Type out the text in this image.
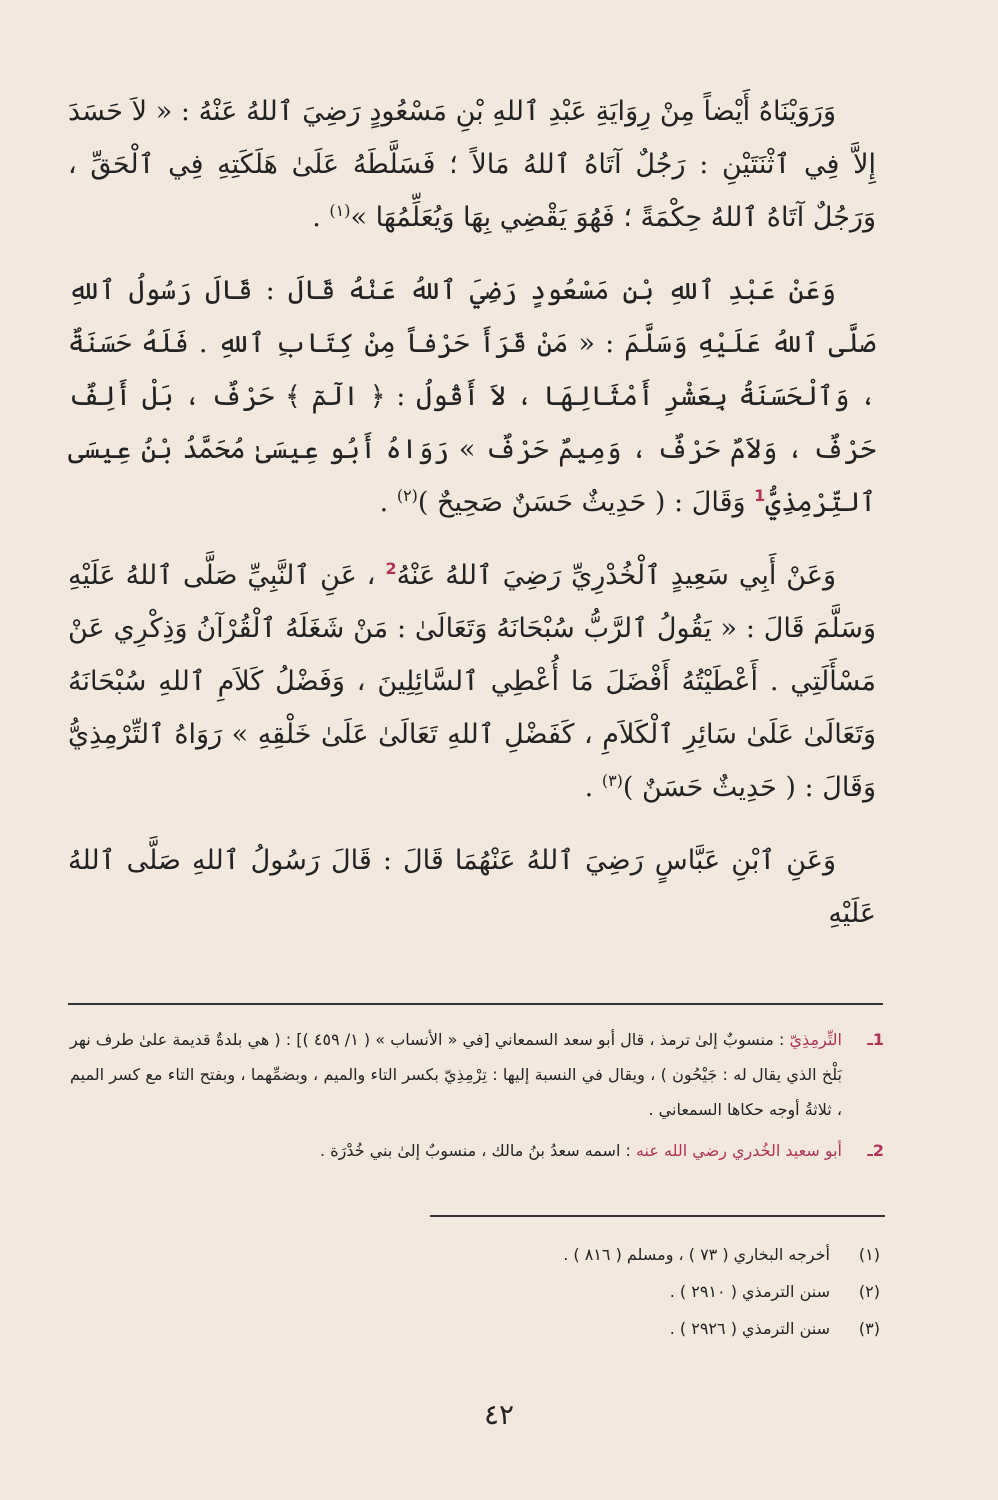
وَرَوَيْنَاهُ أَيْضاً مِنْ رِوَايَةِ عَبْدِ ٱللهِ بْنِ مَسْعُودٍ رَضِيَ ٱللهُ عَنْهُ : « لاَ حَسَدَ إِلاَّ فِي ٱثْنَتَيْنِ : رَجُلٌ آتَاهُ ٱللهُ مَالاً ؛ فَسَلَّطَهُ عَلَىٰ هَلَكَتِهِ فِي ٱلْحَقِّ ، وَرَجُلٌ آتَاهُ ٱللهُ حِكْمَةً ؛ فَهُوَ يَقْضِي بِهَا وَيُعَلِّمُهَا »$^{(١)}$ .

وَعَنْ عَبْدِ ٱللهِ بْنِ مَسْعُودٍ رَضِيَ ٱللهُ عَنْهُ قَالَ : قَالَ رَسُولُ ٱللهِ صَلَّى ٱللهُ عَلَيْهِ وَسَلَّمَ : « مَنْ قَرَأَ حَرْفاً مِنْ كِتَابِ ٱللهِ . فَلَهُ حَسَنَةٌ ، وَٱلْحَسَنَةُ بِعَشْرِ أَمْثَالِهَا ، لاَ أَقُولُ : ﴿ الٓمٓ ﴾ حَرْفٌ ، بَلْ أَلِفٌ حَرْفٌ ، وَلاَمٌ حَرْفٌ ، وَمِيمٌ حَرْفٌ » رَوَاهُ أَبُو عِيسَىٰ مُحَمَّدُ بْنُ عِيسَى ٱلتِّرْمِذِيُّ$^1$ وَقَالَ : ( حَدِيثٌ حَسَنٌ صَحِيحٌ )$^{(٢)}$ .

وَعَنْ أَبِي سَعِيدٍ ٱلْخُدْرِيِّ رَضِيَ ٱللهُ عَنْهُ$^2$ ، عَنِ ٱلنَّبِيِّ صَلَّى ٱللهُ عَلَيْهِ وَسَلَّمَ قَالَ : « يَقُولُ ٱلرَّبُّ سُبْحَانَهُ وَتَعَالَىٰ : مَنْ شَغَلَهُ ٱلْقُرْآنُ وَذِكْرِي عَنْ مَسْأَلَتِي . أَعْطَيْتُهُ أَفْضَلَ مَا أُعْطِي ٱلسَّائِلِينَ ، وَفَضْلُ كَلاَمِ ٱللهِ سُبْحَانَهُ وَتَعَالَىٰ عَلَىٰ سَائِرِ ٱلْكَلاَمِ ، كَفَضْلِ ٱللهِ تَعَالَىٰ عَلَىٰ خَلْقِهِ » رَوَاهُ ٱلتِّرْمِذِيُّ وَقَالَ : ( حَدِيثٌ حَسَنٌ )$^{(٣)}$ .

وَعَنِ ٱبْنِ عَبَّاسٍ رَضِيَ ٱللهُ عَنْهُمَا قَالَ : قَالَ رَسُولُ ٱللهِ صَلَّى ٱللهُ عَلَيْهِ

1ـ
التِّرمِذِيّ : منسوبٌ إلىٰ ترمذ ، قال أبو سعد السمعاني [في « الأنساب » ( ١/ ٤٥٩ )] : ( هي بلدةٌ قديمة علىٰ طرف نهر بَلْخ الذي يقال له : جَيْحُون ) ، ويقال في النسبة إليها : تِرْمِذِيّ بكسر التاء والميم ، وبضمِّهما ، وبفتح التاء مع كسر الميم ، ثلاثةُ أوجه حكاها السمعاني .
2ـ
أبو سعيد الخُدري رضي الله عنه : اسمه سعدُ بنُ مالك ، منسوبٌ إلىٰ بني خُدْرَة .
(١)
أخرجه البخاري ( ٧٣ ) ، ومسلم ( ٨١٦ ) .
(٢)
سنن الترمذي ( ٢٩١٠ ) .
(٣)
سنن الترمذي ( ٢٩٢٦ ) .
٤٢
